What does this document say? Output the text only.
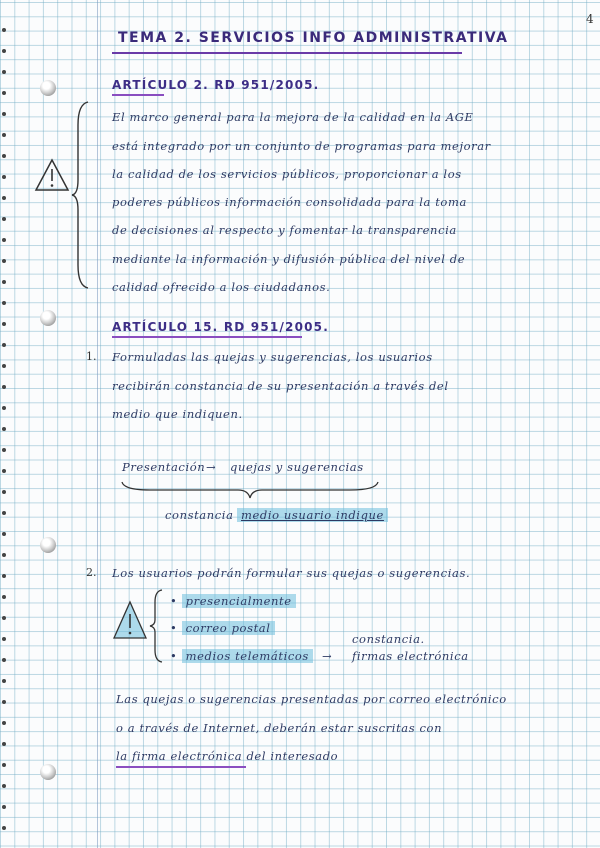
4
TEMA 2. SERVICIOS INFO ADMINISTRATIVA
ARTÍCULO 2. RD 951/2005.
El marco general para la mejora de la calidad en la AGE
está integrado por un conjunto de programas para mejorar
la calidad de los servicios públicos, proporcionar a los
poderes públicos información consolidada para la toma
de decisiones al respecto y fomentar la transparencia
mediante la información y difusión pública del nivel de
calidad ofrecido a los ciudadanos.
ARTÍCULO 15. RD 951/2005.
1. Formuladas las quejas y sugerencias, los usuarios
recibirán constancia de su presentación a través del
medio que indiquen.
Presentación → quejas y sugerencias
constancia medio usuario indique
2. Los usuarios podrán formular sus quejas o sugerencias.
• presencialmente
• correo postal
• medios telemáticos	→
constancia.
firmas electrónica
Las quejas o sugerencias presentadas por correo electrónico
o a través de Internet, deberán estar suscritas con
la firma electrónica del interesado
